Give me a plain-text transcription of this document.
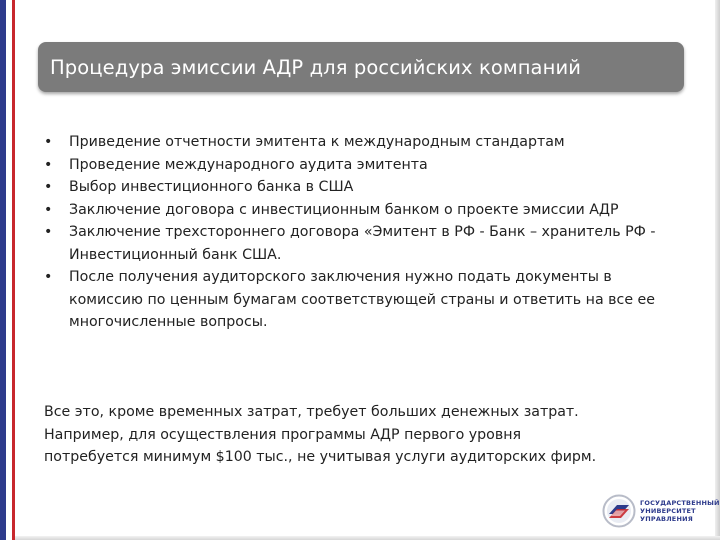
Процедура эмиссии АДР для российских компаний
• Приведение отчетности эмитента к международным стандартам
• Проведение международного аудита эмитента
• Выбор инвестиционного банка в США
• Заключение договора с инвестиционным банком о проекте эмиссии АДР
• Заключение трехстороннего договора «Эмитент в РФ - Банк – хранитель РФ - Инвестиционный банк США.
• После получения аудиторского заключения нужно подать документы в комиссию по ценным бумагам соответствующей страны и ответить на все ее многочисленные вопросы.

Все это, кроме временных затрат, требует больших денежных затрат.

Например, для осуществления программы АДР первого уровня

потребуется минимум $100 тыс., не учитывая услуги аудиторских фирм.

ГОСУДАРСТВЕННЫЙ
УНИВЕРСИТЕТ
УПРАВЛЕНИЯ
